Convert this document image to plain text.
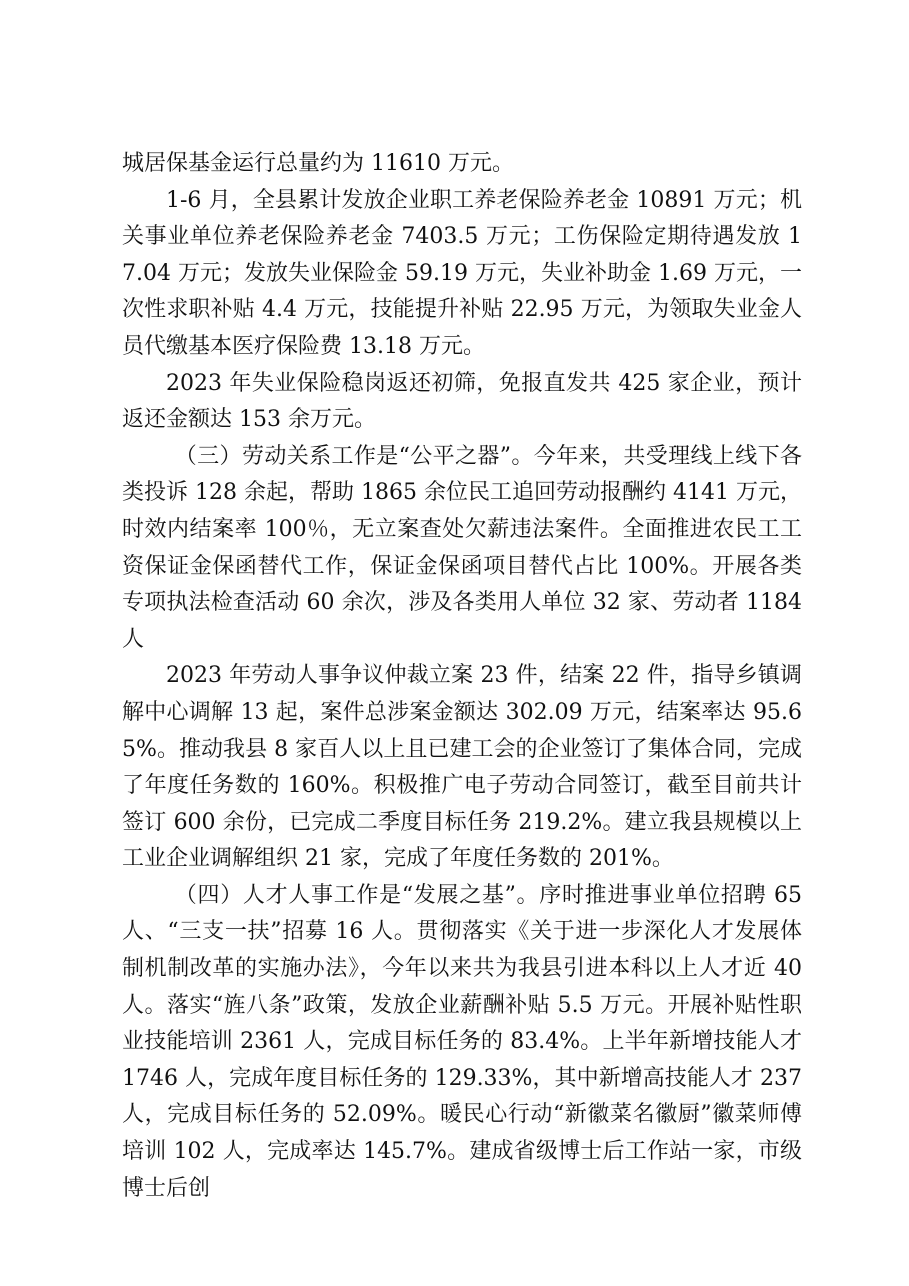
城居保基金运行总量约为 11610 万元。

1-6 月，全县累计发放企业职工养老保险养老金 10891 万元；机关事业单位养老保险养老金 7403.5 万元；工伤保险定期待遇发放 17.04 万元；发放失业保险金 59.19 万元，失业补助金 1.69 万元，一次性求职补贴 4.4 万元，技能提升补贴 22.95 万元，为领取失业金人员代缴基本医疗保险费 13.18 万元。

2023 年失业保险稳岗返还初筛，免报直发共 425 家企业，预计返还金额达 153 余万元。

（三）劳动关系工作是“公平之器”。今年来，共受理线上线下各类投诉 128 余起，帮助 1865 余位民工追回劳动报酬约 4141 万元，时效内结案率 100％，无立案查处欠薪违法案件。全面推进农民工工资保证金保函替代工作，保证金保函项目替代占比 100%。开展各类专项执法检查活动 60 余次，涉及各类用人单位 32 家、劳动者 1184 人

2023 年劳动人事争议仲裁立案 23 件，结案 22 件，指导乡镇调解中心调解 13 起，案件总涉案金额达 302.09 万元，结案率达 95.65%。推动我县 8 家百人以上且已建工会的企业签订了集体合同，完成了年度任务数的 160%。积极推广电子劳动合同签订，截至目前共计签订 600 余份，已完成二季度目标任务 219.2%。建立我县规模以上工业企业调解组织 21 家，完成了年度任务数的 201%。

（四）人才人事工作是“发展之基”。序时推进事业单位招聘 65 人、“三支一扶”招募 16 人。贯彻落实《关于进一步深化人才发展体制机制改革的实施办法》，今年以来共为我县引进本科以上人才近 40 人。落实“旌八条”政策，发放企业薪酬补贴 5.5 万元。开展补贴性职业技能培训 2361 人，完成目标任务的 83.4%。上半年新增技能人才 1746 人，完成年度目标任务的 129.33%，其中新增高技能人才 237 人，完成目标任务的 52.09%。暖民心行动“新徽菜名徽厨”徽菜师傅培训 102 人，完成率达 145.7%。建成省级博士后工作站一家，市级博士后创
